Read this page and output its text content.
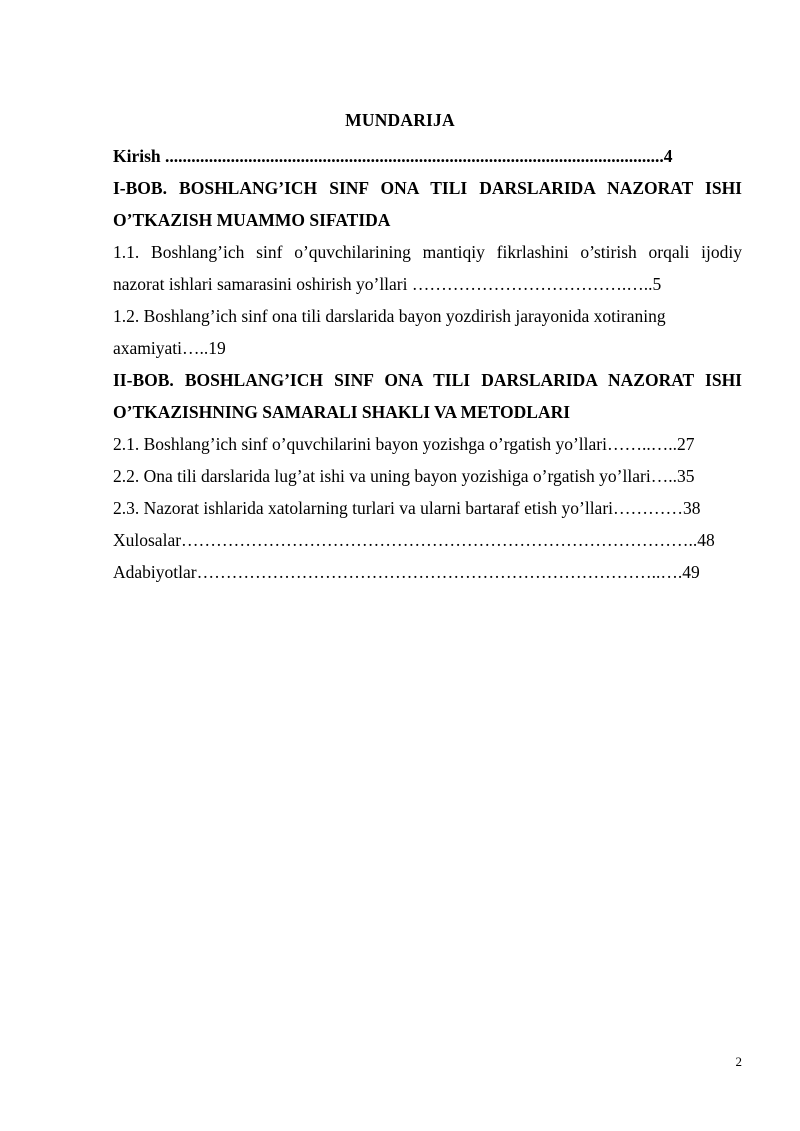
MUNDARIJA
Kirish ..................................................................................................................4
I-BOB. BOSHLANG’ICH SINF ONA TILI DARSLARIDA NAZORAT ISHI
O’TKAZISH MUAMMO SIFATIDA
1.1. Boshlang’ich sinf o’quvchilarining mantiqiy fikrlashini o’stirish orqali ijodiy
nazorat ishlari samarasini oshirish yo’llari ……………………………….…..5
1.2. Boshlang’ich sinf ona tili darslarida bayon yozdirish jarayonida xotiraning
axamiyati…..19
II-BOB. BOSHLANG’ICH SINF ONA TILI DARSLARIDA NAZORAT ISHI
O’TKAZISHNING SAMARALI SHAKLI VA METODLARI
2.1. Boshlang’ich sinf o’quvchilarini bayon yozishga o’rgatish yo’llari……..…..27
2.2. Ona tili darslarida lug’at ishi va uning bayon yozishiga o’rgatish yo’llari…..35
2.3. Nazorat ishlarida xatolarning turlari va ularni bartaraf etish yo’llari…………38
Xulosalar……………………………………………………………………………..48
Adabiyotlar……………………………………………………………………..….49
2
